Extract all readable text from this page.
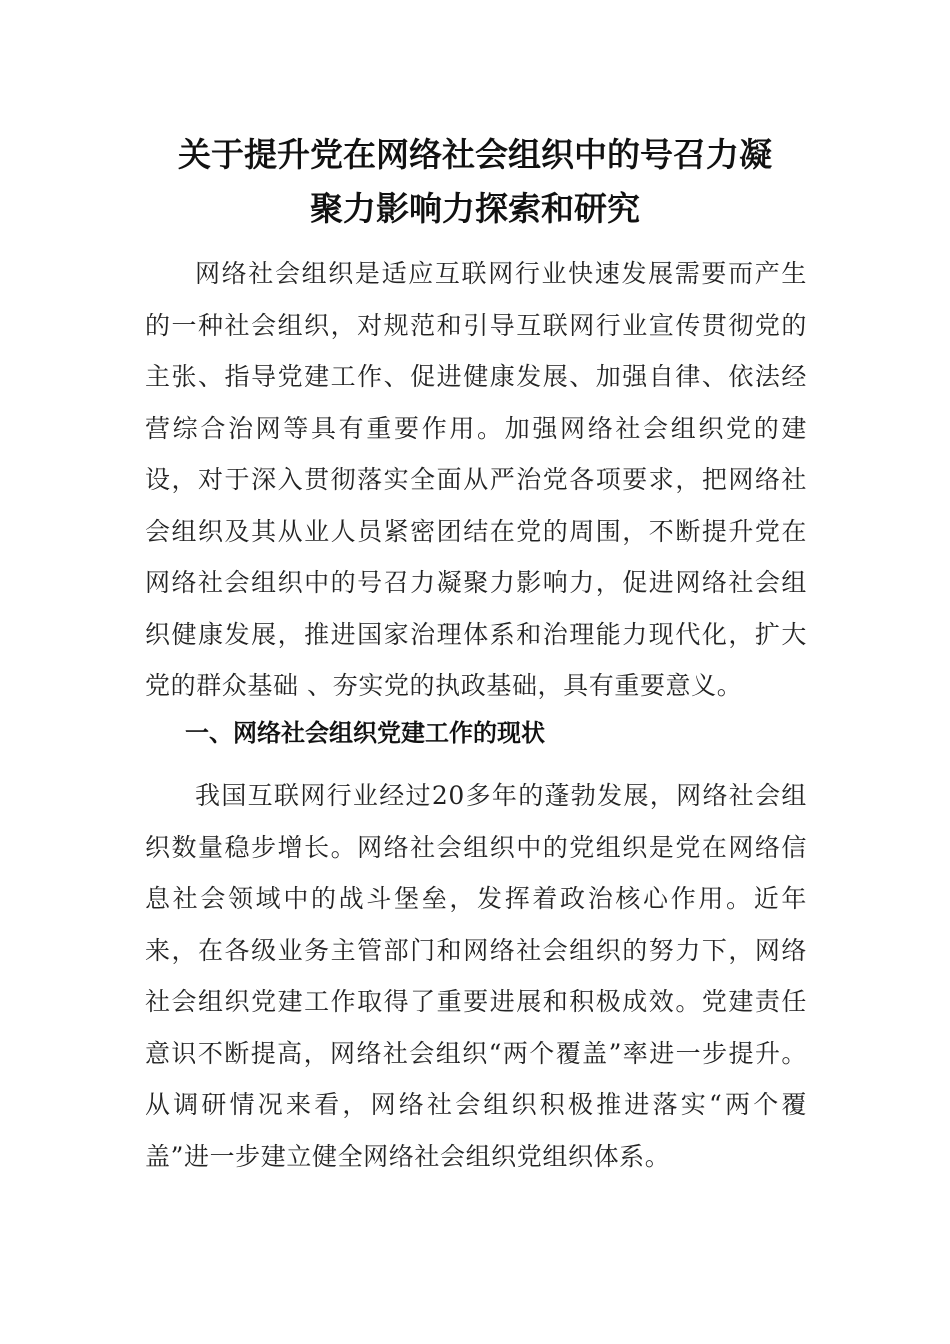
关于提升党在网络社会组织中的号召力凝
聚力影响力探索和研究

网络社会组织是适应互联网行业快速发展需要而产生的一种社会组织，对规范和引导互联网行业宣传贯彻党的主张、指导党建工作、促进健康发展、加强自律、依法经营综合治网等具有重要作用。加强网络社会组织党的建设，对于深入贯彻落实全面从严治党各项要求，把网络社会组织及其从业人员紧密团结在党的周围，不断提升党在网络社会组织中的号召力凝聚力影响力，促进网络社会组织健康发展，推进国家治理体系和治理能力现代化，扩大党的群众基础 、夯实党的执政基础，具有重要意义。

一、网络社会组织党建工作的现状

我国互联网行业经过20多年的蓬勃发展，网络社会组织数量稳步增长。网络社会组织中的党组织是党在网络信息社会领域中的战斗堡垒，发挥着政治核心作用。近年来，在各级业务主管部门和网络社会组织的努力下，网络社会组织党建工作取得了重要进展和积极成效。党建责任意识不断提高，网络社会组织“两个覆盖”率进一步提升。从调研情况来看，网络社会组织积极推进落实“两个覆盖”进一步建立健全网络社会组织党组织体系。
